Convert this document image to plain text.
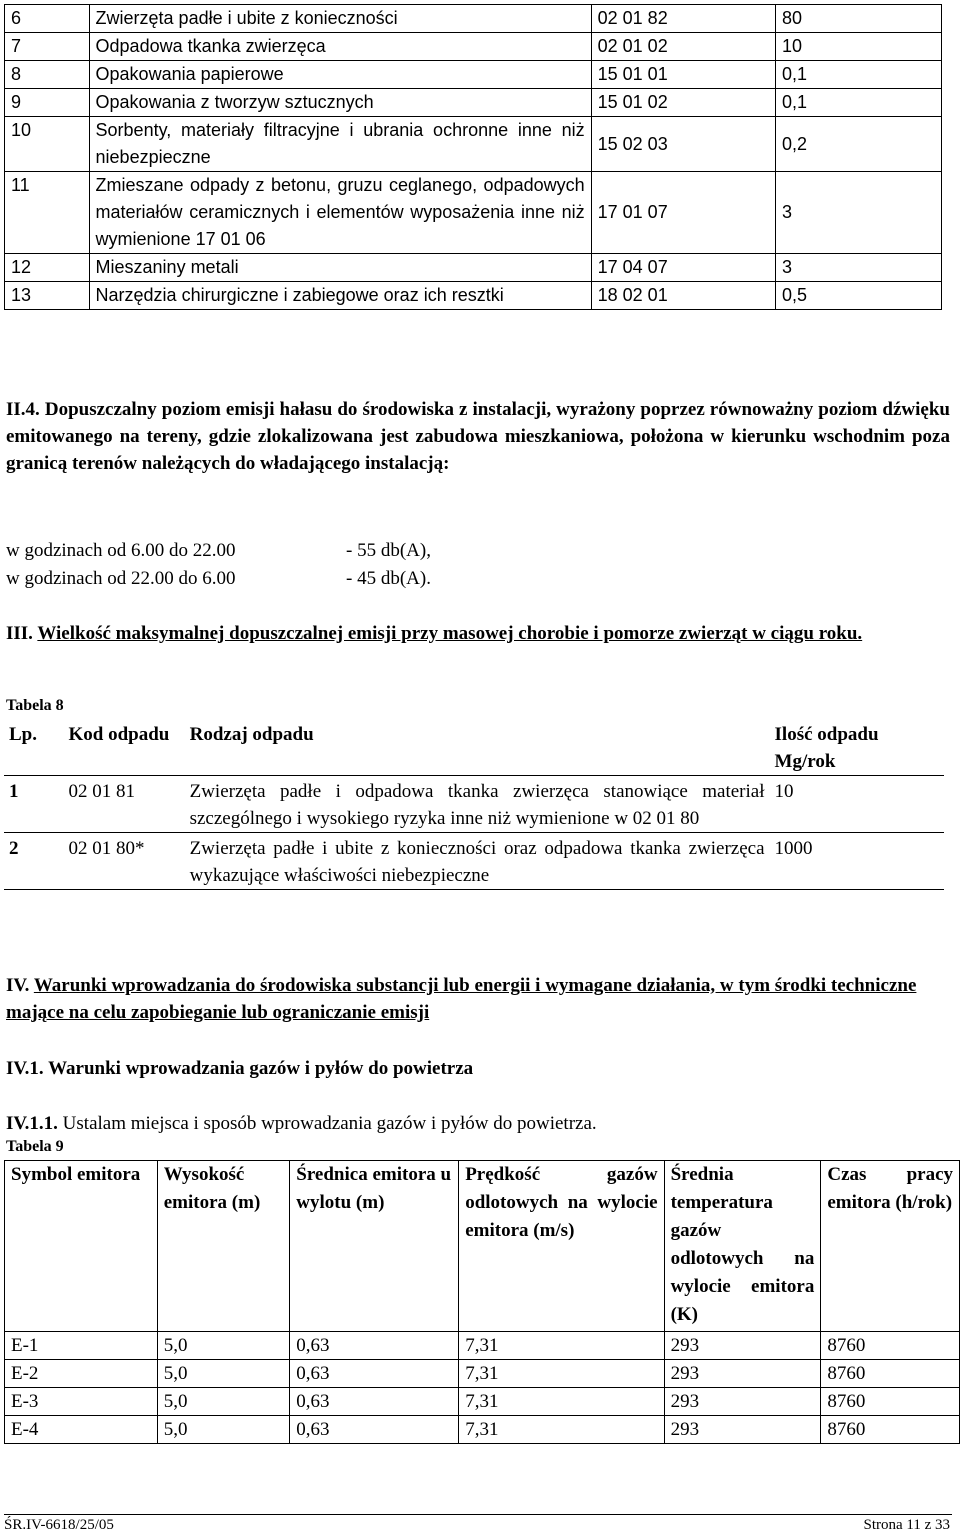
6	Zwierzęta padłe i ubite z konieczności	02 01 82	80
7	Odpadowa tkanka zwierzęca	02 01 02	10
8	Opakowania papierowe	15 01 01	0,1
9	Opakowania z tworzyw sztucznych	15 01 02	0,1
10	Sorbenty, materiały filtracyjne i ubrania ochronne inne niż niebezpieczne	15 02 03	0,2
11	Zmieszane odpady z betonu, gruzu ceglanego, odpadowych materiałów ceramicznych i elementów wyposażenia inne niż wymienione 17 01 06	17 01 07	3
12	Mieszaniny metali	17 04 07	3
13	Narzędzia chirurgiczne i zabiegowe oraz ich resztki	18 02 01	0,5
II.4. Dopuszczalny poziom emisji hałasu do środowiska z instalacji, wyrażony poprzez równoważny poziom dźwięku emitowanego na tereny, gdzie zlokalizowana jest zabudowa mieszkaniowa, położona w kierunku wschodnim poza granicą terenów należących do władającego instalacją:
w godzinach od 6.00 do 22.00	- 55 db(A),
w godzinach od 22.00 do 6.00	- 45 db(A).
III. Wielkość maksymalnej dopuszczalnej emisji przy masowej chorobie i pomorze zwierząt w ciągu roku.
Tabela 8
Lp.	Kod odpadu	Rodzaj odpadu	Ilość odpadu Mg/rok
1	02 01 81	Zwierzęta padłe i odpadowa tkanka zwierzęca stanowiące materiał szczególnego i wysokiego ryzyka inne niż wymienione w 02 01 80	10
2	02 01 80*	Zwierzęta padłe i ubite z konieczności oraz odpadowa tkanka zwierzęca wykazujące właściwości niebezpieczne	1000
IV. Warunki wprowadzania do środowiska substancji lub energii i wymagane działania, w tym środki techniczne mające na celu zapobieganie lub ograniczanie emisji
IV.1. Warunki wprowadzania gazów i pyłów do powietrza
IV.1.1. Ustalam miejsca i sposób wprowadzania gazów i pyłów do powietrza.
Tabela 9
Symbol emitora	Wysokość emitora (m)	Średnica emitora u wylotu (m)	Prędkość gazów odlotowych na wylocie emitora (m/s)	Średnia temperatura gazów odlotowych na wylocie emitora (K)	Czas pracy emitora (h/rok)
E-1	5,0	0,63	7,31	293	8760
E-2	5,0	0,63	7,31	293	8760
E-3	5,0	0,63	7,31	293	8760
E-4	5,0	0,63	7,31	293	8760
ŚR.IV-6618/25/05	Strona 11 z 33
